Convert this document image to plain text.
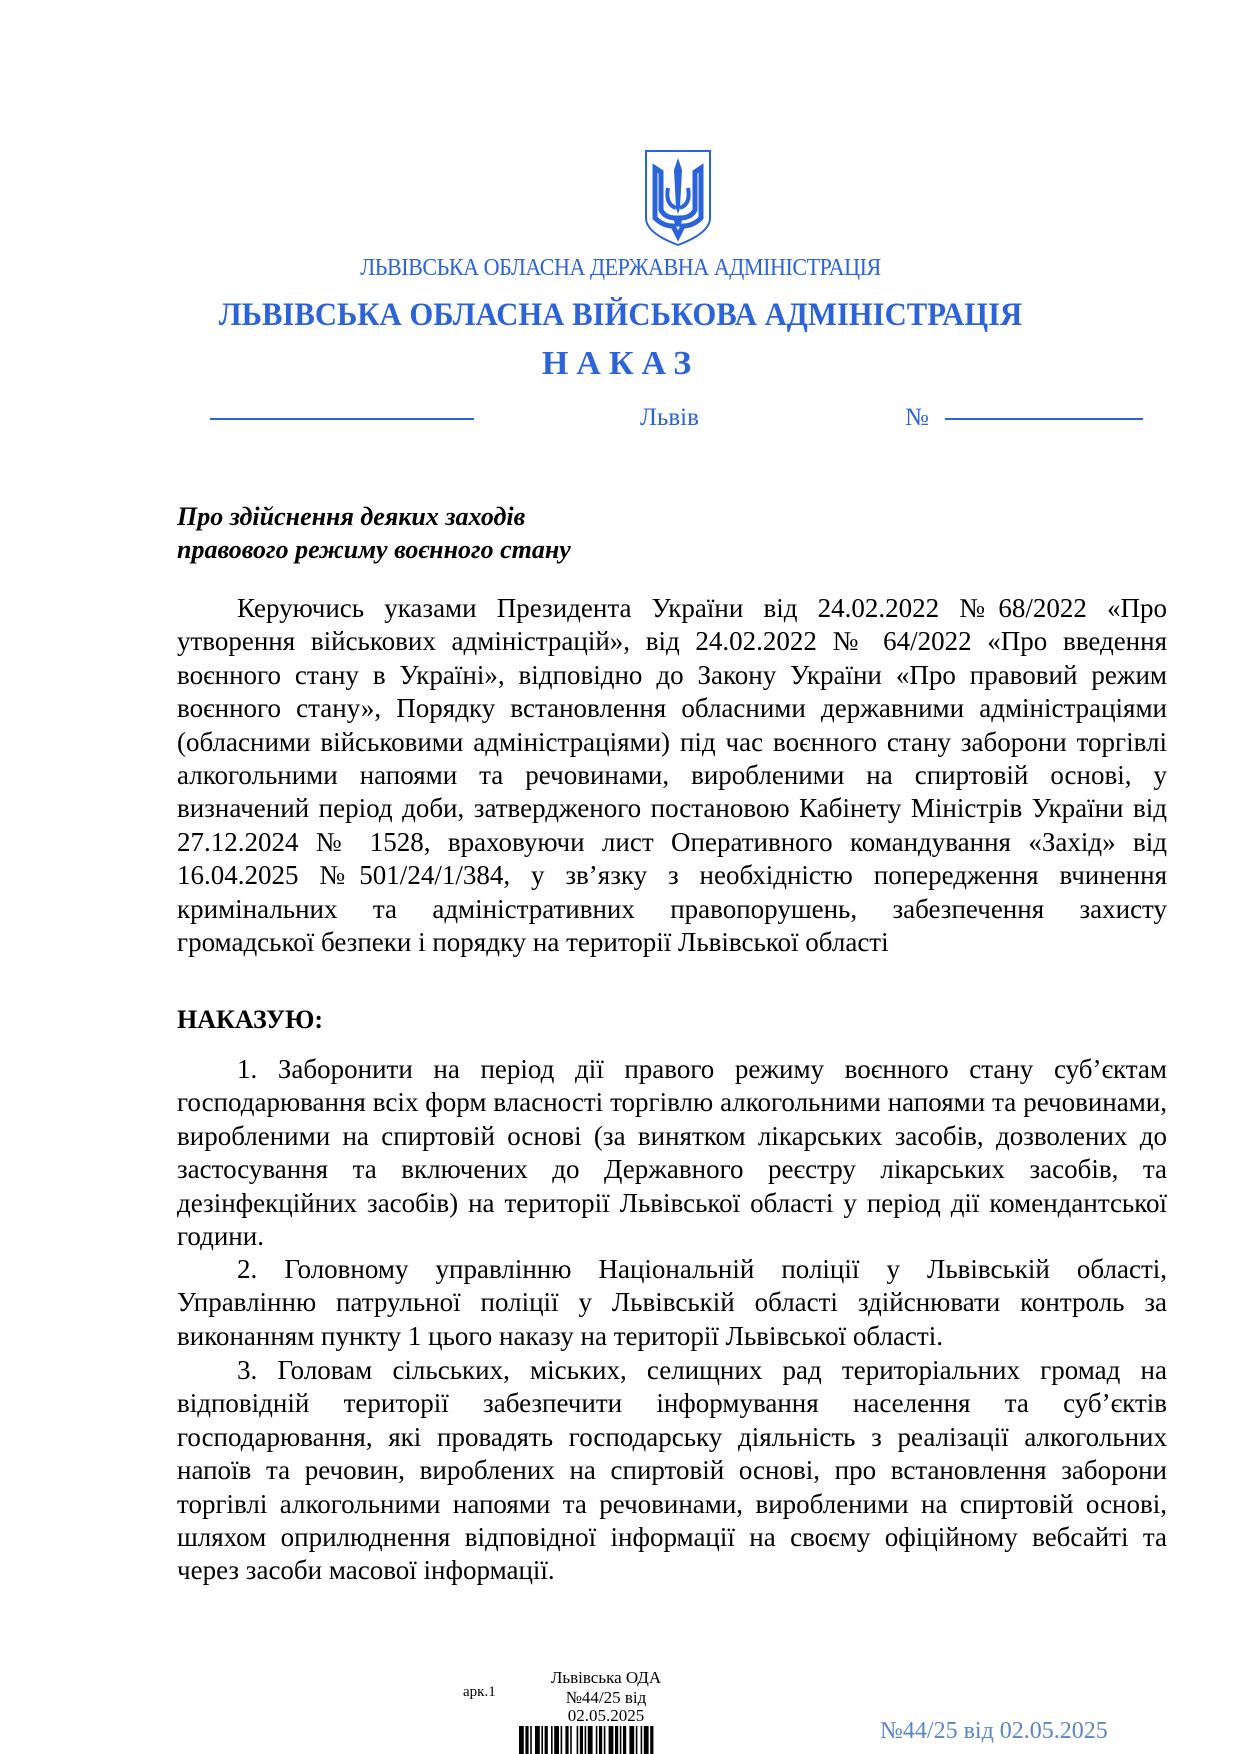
ЛЬВІВСЬКА ОБЛАСНА ДЕРЖАВНА АДМІНІСТРАЦІЯ
ЛЬВІВСЬКА ОБЛАСНА ВІЙСЬКОВА АДМІНІСТРАЦІЯ
НАКАЗ
Львів	№
Про здійснення деяких заходів
правового режиму воєнного стану
Керуючись указами Президента України від 24.02.2022 №68/2022 «Про утворення військових адміністрацій», від 24.02.2022 № 64/2022 «Про введення воєнного стану в Україні», відповідно до Закону України «Про правовий режим воєнного стану», Порядку встановлення обласними державними адміністраціями (обласними військовими адміністраціями) під час воєнного стану заборони торгівлі алкогольними напоями та речовинами, виробленими на спиртовій основі, у визначений період доби, затвердженого постановою Кабінету Міністрів України від 27.12.2024 № 1528, враховуючи лист Оперативного командування «Захід» від 16.04.2025 №501/24/1/384, у зв’язку з необхідністю попередження вчинення кримінальних та адміністративних правопорушень, забезпечення захисту громадської безпеки і порядку на території Львівської області
НАКАЗУЮ:
1. Заборонити на період дії правого режиму воєнного стану суб’єктам господарювання всіх форм власності торгівлю алкогольними напоями та речовинами, виробленими на спиртовій основі (за винятком лікарських засобів, дозволених до застосування та включених до Державного реєстру лікарських засобів, та дезінфекційних засобів) на території Львівської області у період дії комендантської години.
2. Головному управлінню Національній поліції у Львівській області, Управлінню патрульної поліції у Львівській області здійснювати контроль за виконанням пункту 1 цього наказу на території Львівської області.
3. Головам сільських, міських, селищних рад територіальних громад на відповідній території забезпечити інформування населення та суб’єктів господарювання, які провадять господарську діяльність з реалізації алкогольних напоїв та речовин, вироблених на спиртовій основі, про встановлення заборони торгівлі алкогольними напоями та речовинами, виробленими на спиртовій основі, шляхом оприлюднення відповідної інформації на своєму офіційному вебсайті та через засоби масової інформації.
Львівська ОДА
арк.1	№44/25 від
02.05.2025
№44/25 від 02.05.2025
